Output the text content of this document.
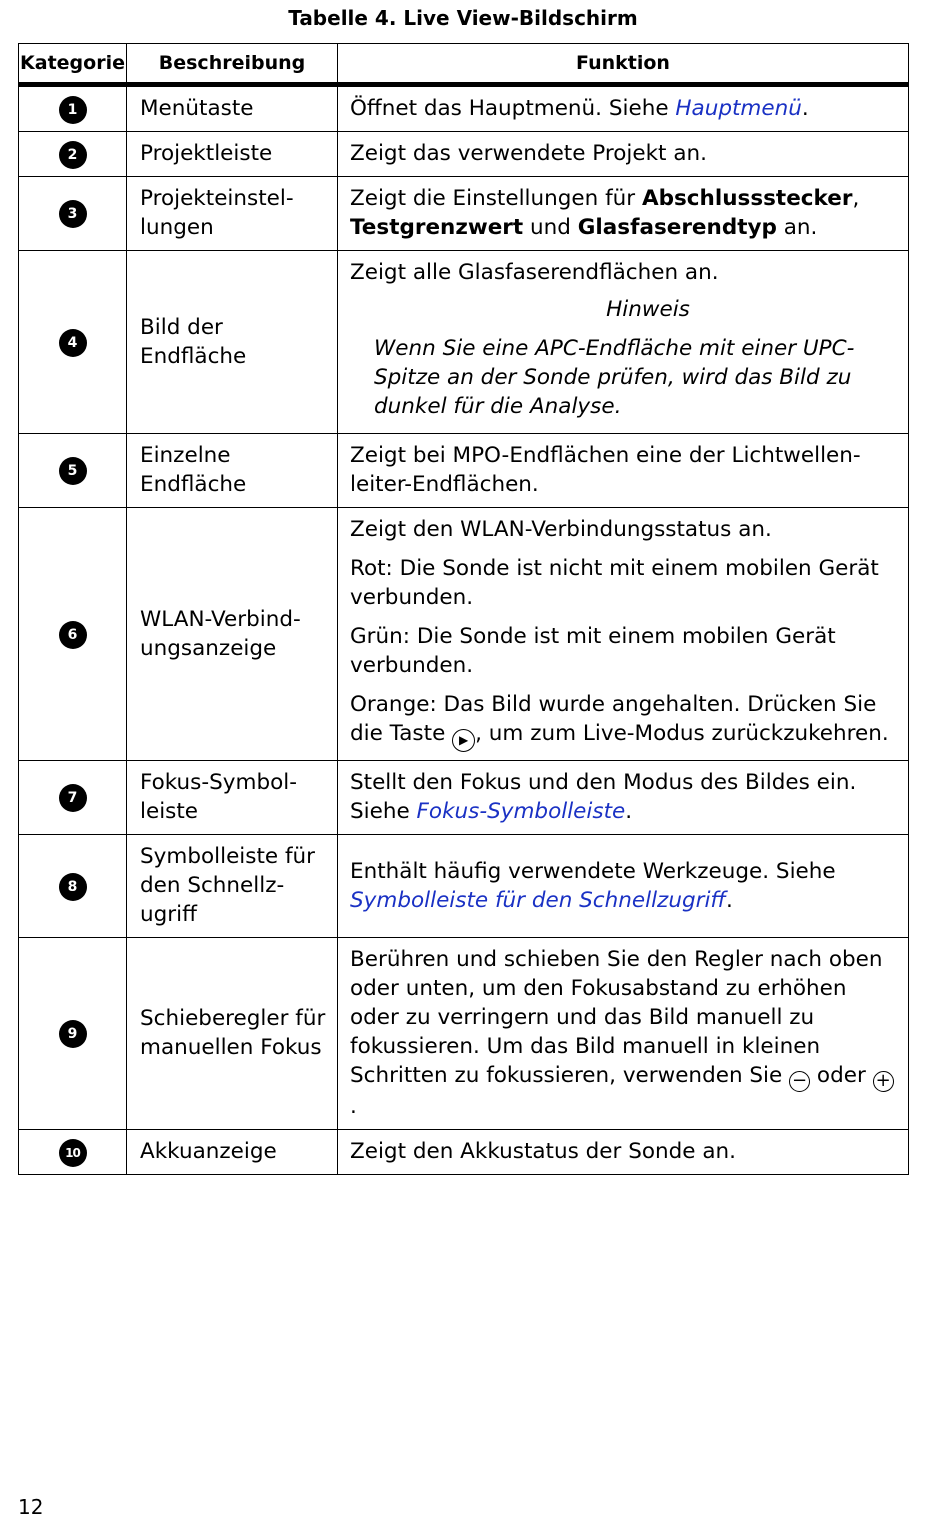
Tabelle 4. Live View-Bildschirm
Kategorie	Beschreibung	Funktion
1	Menütaste	Öffnet das Hauptmenü. Siehe Hauptmenü.
2	Projektleiste	Zeigt das verwendete Projekt an.
3	Projekteinstel-lungen	Zeigt die Einstellungen für Abschlussstecker, Testgrenzwert und Glasfaserendtyp an.
4	Bild der Endfläche	Zeigt alle Glasfaserendflächen an.
Hinweis
Wenn Sie eine APC-Endfläche mit einer UPC-Spitze an der Sonde prüfen, wird das Bild zu dunkel für die Analyse.

5	Einzelne Endfläche	Zeigt bei MPO-Endflächen eine der Lichtwellen-leiter-Endflächen.
6	WLAN-Verbind-ungsanzeige	Zeigt den WLAN-Verbindungsstatus an.
Rot: Die Sonde ist nicht mit einem mobilen Gerät verbunden.
Grün: Die Sonde ist mit einem mobilen Gerät verbunden.
Orange: Das Bild wurde angehalten. Drücken Sie die Taste ▶ , um zum Live-Modus zurückzukehren.

7	Fokus-Symbol-leiste	Stellt den Fokus und den Modus des Bildes ein. Siehe Fokus-Symbolleiste.
8	Symbolleiste für den Schnellz-ugriff	Enthält häufig verwendete Werkzeuge. Siehe Symbolleiste für den Schnellzugriff.
9	Schieberegler für manuellen Fokus	Berühren und schieben Sie den Regler nach oben oder unten, um den Fokusabstand zu erhöhen oder zu verringern und das Bild manuell zu fokussieren. Um das Bild manuell in kleinen Schritten zu fokussieren, verwenden Sie − oder +.
10	Akkuanzeige	Zeigt den Akkustatus der Sonde an.
12
